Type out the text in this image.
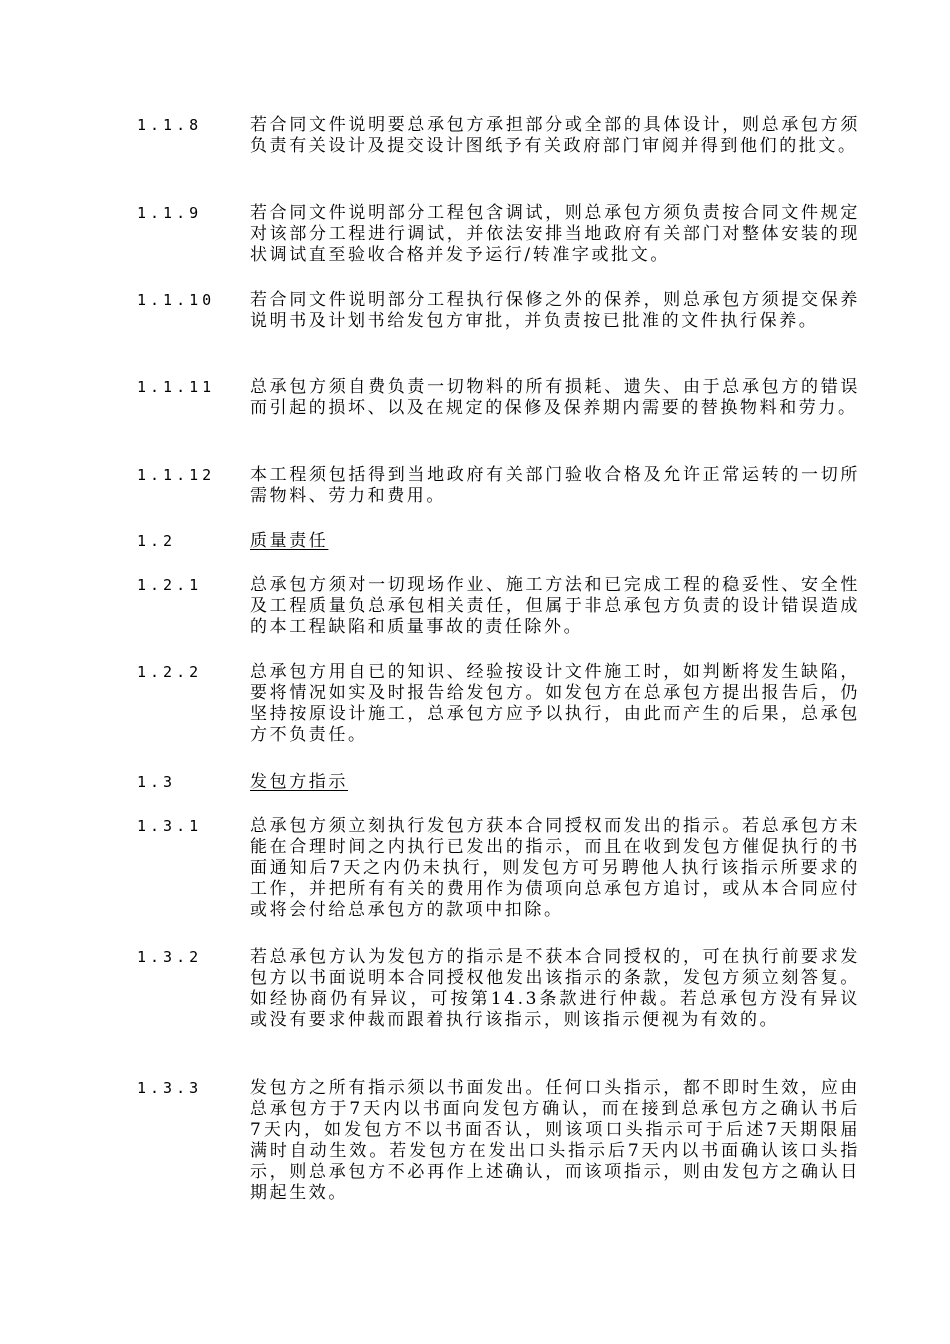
1.1.8	若合同文件说明要总承包方承担部分或全部的具体设计，则总承包方须负责有关设计及提交设计图纸予有关政府部门审阅并得到他们的批文。
1.1.9	若合同文件说明部分工程包含调试，则总承包方须负责按合同文件规定对该部分工程进行调试，并依法安排当地政府有关部门对整体安装的现状调试直至验收合格并发予运行/转准字或批文。
1.1.10 若合同文件说明部分工程执行保修之外的保养，则总承包方须提交保养说明书及计划书给发包方审批，并负责按已批准的文件执行保养。
1.1.11 总承包方须自费负责一切物料的所有损耗、遗失、由于总承包方的错误而引起的损坏、以及在规定的保修及保养期内需要的替换物料和劳力。
1.1.12 本工程须包括得到当地政府有关部门验收合格及允许正常运转的一切所需物料、劳力和费用。
1.2	质量责任
1.2.1	总承包方须对一切现场作业、施工方法和已完成工程的稳妥性、安全性及工程质量负总承包相关责任，但属于非总承包方负责的设计错误造成的本工程缺陷和质量事故的责任除外。
1.2.2	总承包方用自已的知识、经验按设计文件施工时，如判断将发生缺陷，要将情况如实及时报告给发包方。如发包方在总承包方提出报告后，仍坚持按原设计施工，总承包方应予以执行，由此而产生的后果，总承包方不负责任。
1.3	发包方指示
1.3.1	总承包方须立刻执行发包方获本合同授权而发出的指示。若总承包方未能在合理时间之内执行已发出的指示，而且在收到发包方催促执行的书面通知后7天之内仍未执行，则发包方可另聘他人执行该指示所要求的工作，并把所有有关的费用作为债项向总承包方追讨，或从本合同应付或将会付给总承包方的款项中扣除。
1.3.2	若总承包方认为发包方的指示是不获本合同授权的，可在执行前要求发包方以书面说明本合同授权他发出该指示的条款，发包方须立刻答复。如经协商仍有异议，可按第14.3条款进行仲裁。若总承包方没有异议或没有要求仲裁而跟着执行该指示，则该指示便视为有效的。
1.3.3	发包方之所有指示须以书面发出。任何口头指示，都不即时生效，应由总承包方于7天内以书面向发包方确认，而在接到总承包方之确认书后7天内，如发包方不以书面否认，则该项口头指示可于后述7天期限届满时自动生效。若发包方在发出口头指示后7天内以书面确认该口头指示，则总承包方不必再作上述确认，而该项指示，则由发包方之确认日期起生效。
